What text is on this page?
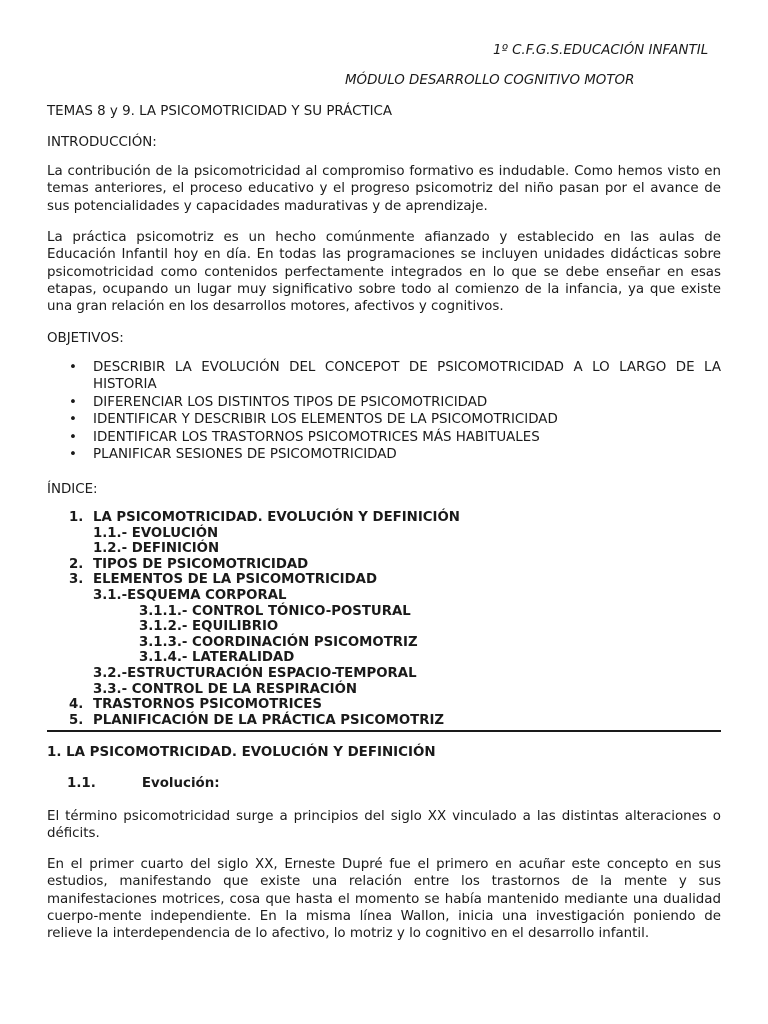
1º C.F.G.S.EDUCACIÓN INFANTIL
MÓDULO DESARROLLO COGNITIVO MOTOR
TEMAS 8 y 9. LA PSICOMOTRICIDAD Y SU PRÁCTICA
INTRODUCCIÓN:
La contribución de la psicomotricidad al compromiso formativo es indudable. Como hemos visto en temas anteriores, el proceso educativo y el progreso psicomotriz del niño pasan por el avance de sus potencialidades y capacidades madurativas y de aprendizaje.
La práctica psicomotriz es un hecho comúnmente afianzado y establecido en las aulas de Educación Infantil hoy en día. En todas las programaciones se incluyen unidades didácticas sobre psicomotricidad como contenidos perfectamente integrados en lo que se debe enseñar en esas etapas, ocupando un lugar muy significativo sobre todo al comienzo de la infancia, ya que existe una gran relación en los desarrollos motores, afectivos y cognitivos.
OBJETIVOS:
• DESCRIBIR LA EVOLUCIÓN DEL CONCEPOT DE PSICOMOTRICIDAD A LO LARGO DE LA HISTORIA
• DIFERENCIAR LOS DISTINTOS TIPOS DE PSICOMOTRICIDAD
• IDENTIFICAR Y DESCRIBIR LOS ELEMENTOS DE LA PSICOMOTRICIDAD
• IDENTIFICAR LOS TRASTORNOS PSICOMOTRICES MÁS HABITUALES
• PLANIFICAR SESIONES DE PSICOMOTRICIDAD
ÍNDICE:
1. LA PSICOMOTRICIDAD. EVOLUCIÓN Y DEFINICIÓN
1.1.- EVOLUCIÓN
1.2.- DEFINICIÓN
2. TIPOS DE PSICOMOTRICIDAD
3. ELEMENTOS DE LA PSICOMOTRICIDAD
3.1.-ESQUEMA CORPORAL
3.1.1.- CONTROL TÓNICO-POSTURAL
3.1.2.- EQUILIBRIO
3.1.3.- COORDINACIÓN PSICOMOTRIZ
3.1.4.- LATERALIDAD
3.2.-ESTRUCTURACIÓN ESPACIO-TEMPORAL
3.3.- CONTROL DE LA RESPIRACIÓN
4. TRASTORNOS PSICOMOTRICES
5. PLANIFICACIÓN DE LA PRÁCTICA PSICOMOTRIZ
1. LA PSICOMOTRICIDAD. EVOLUCIÓN Y DEFINICIÓN
1.1.	Evolución:
El término psicomotricidad surge a principios del siglo XX vinculado a las distintas alteraciones o déficits.
En el primer cuarto del siglo XX, Erneste Dupré fue el primero en acuñar este concepto en sus estudios, manifestando que existe una relación entre los trastornos de la mente y sus manifestaciones motrices, cosa que hasta el momento se había mantenido mediante una dualidad cuerpo-mente independiente. En la misma línea Wallon, inicia una investigación poniendo de relieve la interdependencia de lo afectivo, lo motriz y lo cognitivo en el desarrollo infantil.
